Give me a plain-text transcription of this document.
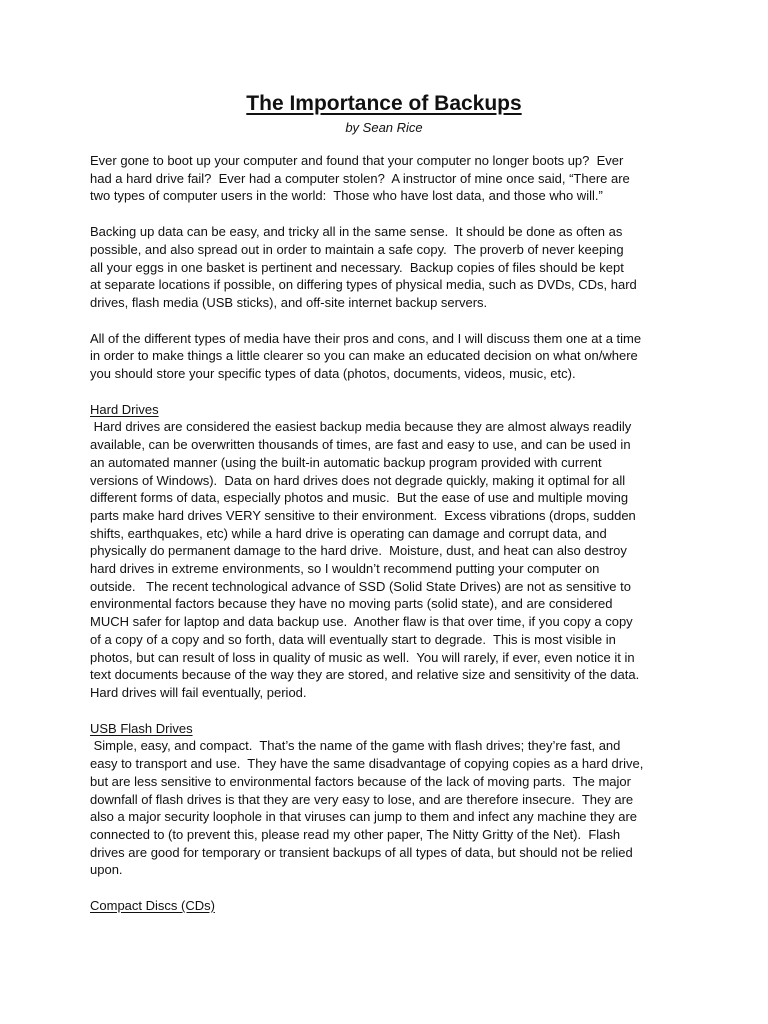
The Importance of Backups
by Sean Rice
Ever gone to boot up your computer and found that your computer no longer boots up?  Ever
had a hard drive fail?  Ever had a computer stolen?  A instructor of mine once said, “There are
two types of computer users in the world:  Those who have lost data, and those who will.”
Backing up data can be easy, and tricky all in the same sense.  It should be done as often as
possible, and also spread out in order to maintain a safe copy.  The proverb of never keeping
all your eggs in one basket is pertinent and necessary.  Backup copies of files should be kept
at separate locations if possible, on differing types of physical media, such as DVDs, CDs, hard
drives, flash media (USB sticks), and off-site internet backup servers.
All of the different types of media have their pros and cons, and I will discuss them one at a time
in order to make things a little clearer so you can make an educated decision on what on/where
you should store your specific types of data (photos, documents, videos, music, etc).
Hard Drives
Hard drives are considered the easiest backup media because they are almost always readily
available, can be overwritten thousands of times, are fast and easy to use, and can be used in
an automated manner (using the built-in automatic backup program provided with current
versions of Windows).  Data on hard drives does not degrade quickly, making it optimal for all
different forms of data, especially photos and music.  But the ease of use and multiple moving
parts make hard drives VERY sensitive to their environment.  Excess vibrations (drops, sudden
shifts, earthquakes, etc) while a hard drive is operating can damage and corrupt data, and
physically do permanent damage to the hard drive.  Moisture, dust, and heat can also destroy
hard drives in extreme environments, so I wouldn’t recommend putting your computer on
outside.   The recent technological advance of SSD (Solid State Drives) are not as sensitive to
environmental factors because they have no moving parts (solid state), and are considered
MUCH safer for laptop and data backup use.  Another flaw is that over time, if you copy a copy
of a copy of a copy and so forth, data will eventually start to degrade.  This is most visible in
photos, but can result of loss in quality of music as well.  You will rarely, if ever, even notice it in
text documents because of the way they are stored, and relative size and sensitivity of the data.
Hard drives will fail eventually, period.
USB Flash Drives
Simple, easy, and compact.  That’s the name of the game with flash drives; they’re fast, and
easy to transport and use.  They have the same disadvantage of copying copies as a hard drive,
but are less sensitive to environmental factors because of the lack of moving parts.  The major
downfall of flash drives is that they are very easy to lose, and are therefore insecure.  They are
also a major security loophole in that viruses can jump to them and infect any machine they are
connected to (to prevent this, please read my other paper, The Nitty Gritty of the Net).  Flash
drives are good for temporary or transient backups of all types of data, but should not be relied
upon.
Compact Discs (CDs)
